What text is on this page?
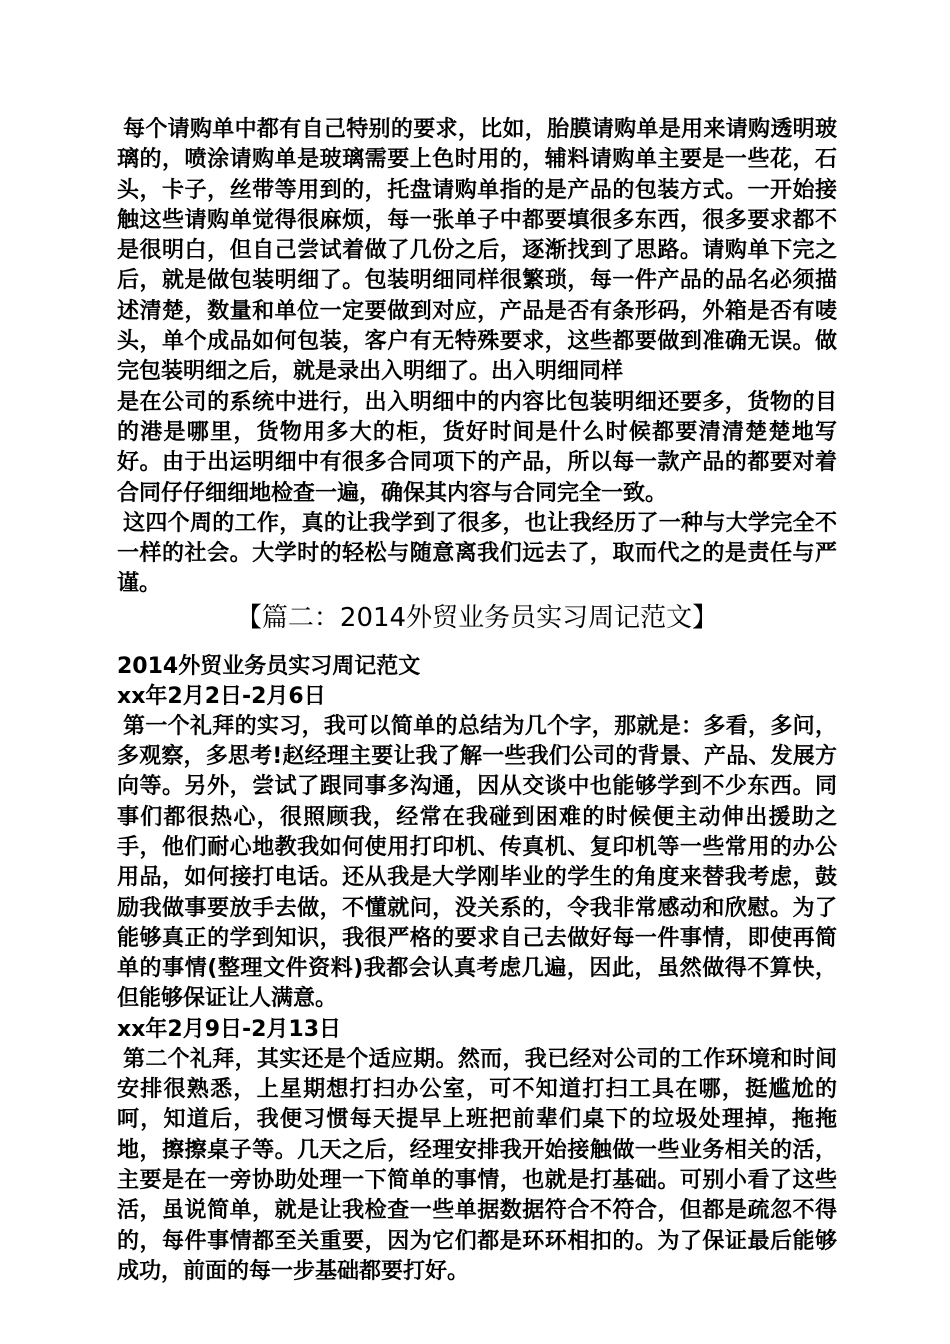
每个请购单中都有自己特别的要求，比如，胎膜请购单是用来请购透明玻璃的，喷涂请购单是玻璃需要上色时用的，辅料请购单主要是一些花，石头，卡子，丝带等用到的，托盘请购单指的是产品的包装方式。一开始接触这些请购单觉得很麻烦，每一张单子中都要填很多东西，很多要求都不是很明白，但自己尝试着做了几份之后，逐渐找到了思路。请购单下完之后，就是做包装明细了。包装明细同样很繁琐，每一件产品的品名必须描述清楚，数量和单位一定要做到对应，产品是否有条形码，外箱是否有唛头，单个成品如何包装，客户有无特殊要求，这些都要做到准确无误。做完包装明细之后，就是录出入明细了。出入明细同样

是在公司的系统中进行，出入明细中的内容比包装明细还要多，货物的目的港是哪里，货物用多大的柜，货好时间是什么时候都要清清楚楚地写好。由于出运明细中有很多合同项下的产品，所以每一款产品的都要对着合同仔仔细细地检查一遍，确保其内容与合同完全一致。

这四个周的工作，真的让我学到了很多，也让我经历了一种与大学完全不一样的社会。大学时的轻松与随意离我们远去了，取而代之的是责任与严谨。

【篇二：2014外贸业务员实习周记范文】

2014外贸业务员实习周记范文

xx年2月2日-2月6日

第一个礼拜的实习，我可以简单的总结为几个字，那就是：多看，多问，多观察，多思考!赵经理主要让我了解一些我们公司的背景、产品、发展方向等。另外，尝试了跟同事多沟通，因从交谈中也能够学到不少东西。同事们都很热心，很照顾我，经常在我碰到困难的时候便主动伸出援助之手，他们耐心地教我如何使用打印机、传真机、复印机等一些常用的办公用品，如何接打电话。还从我是大学刚毕业的学生的角度来替我考虑，鼓励我做事要放手去做，不懂就问，没关系的，令我非常感动和欣慰。为了能够真正的学到知识，我很严格的要求自己去做好每一件事情，即使再简单的事情(整理文件资料)我都会认真考虑几遍，因此，虽然做得不算快，但能够保证让人满意。

xx年2月9日-2月13日

第二个礼拜，其实还是个适应期。然而，我已经对公司的工作环境和时间安排很熟悉，上星期想打扫办公室，可不知道打扫工具在哪，挺尴尬的呵，知道后，我便习惯每天提早上班把前辈们桌下的垃圾处理掉，拖拖地，擦擦桌子等。几天之后，经理安排我开始接触做一些业务相关的活，主要是在一旁协助处理一下简单的事情，也就是打基础。可别小看了这些活，虽说简单，就是让我检查一些单据数据符合不符合，但都是疏忽不得的，每件事情都至关重要，因为它们都是环环相扣的。为了保证最后能够成功，前面的每一步基础都要打好。
